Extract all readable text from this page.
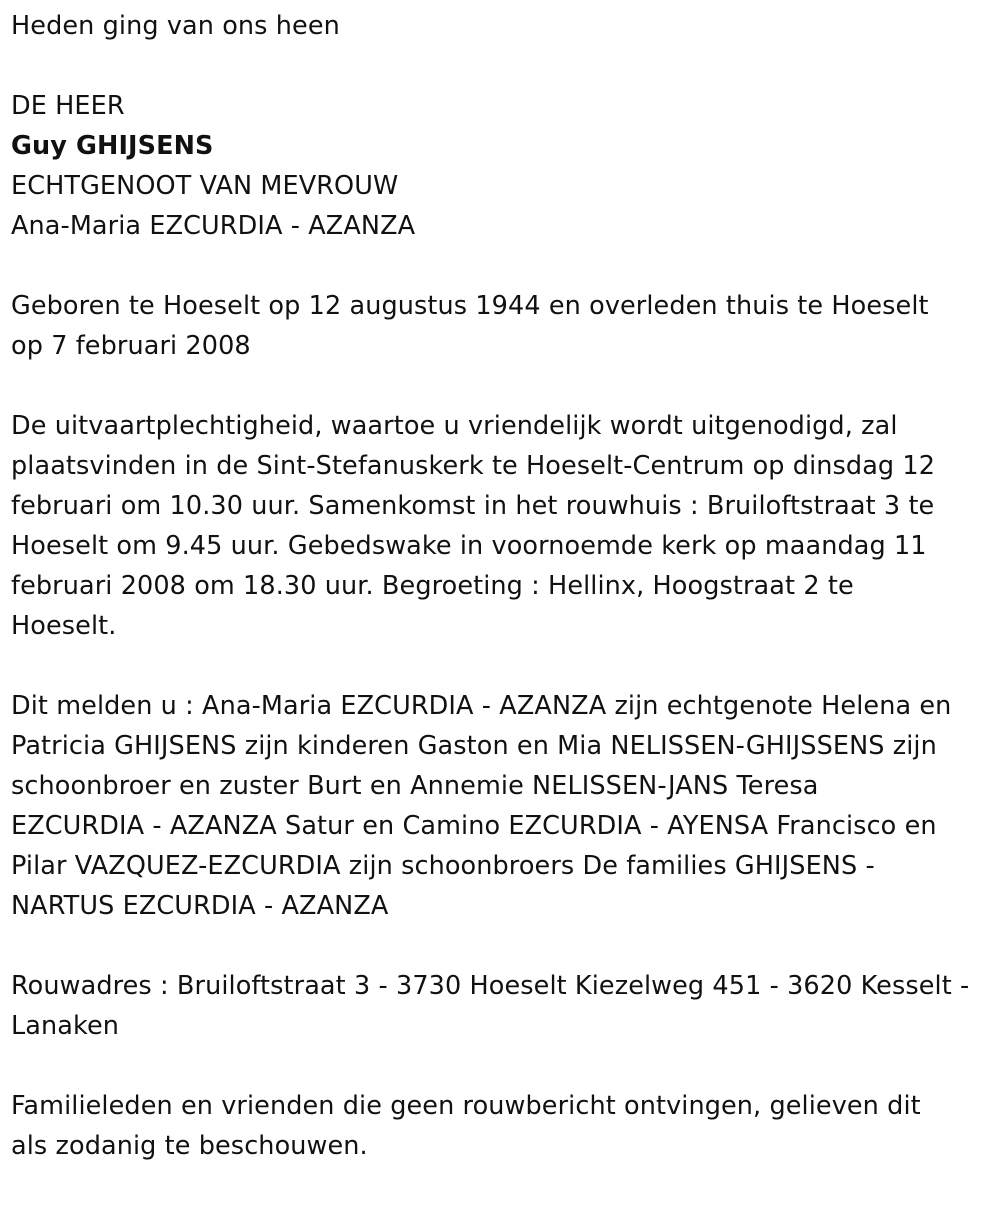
Heden ging van ons heen

DE HEER

Guy GHIJSENS

ECHTGENOOT VAN MEVROUW

Ana-Maria EZCURDIA - AZANZA

Geboren te Hoeselt op 12 augustus 1944 en overleden thuis te Hoeselt

op 7 februari 2008

De uitvaartplechtigheid, waartoe u vriendelijk wordt uitgenodigd, zal

plaatsvinden in de Sint-Stefanuskerk te Hoeselt-Centrum op dinsdag 12

februari om 10.30 uur. Samenkomst in het rouwhuis : Bruiloftstraat 3 te

Hoeselt om 9.45 uur. Gebedswake in voornoemde kerk op maandag 11

februari 2008 om 18.30 uur. Begroeting : Hellinx, Hoogstraat 2 te

Hoeselt.

Dit melden u : Ana-Maria EZCURDIA - AZANZA zijn echtgenote Helena en

Patricia GHIJSENS zijn kinderen Gaston en Mia NELISSEN-GHIJSSENS zijn

schoonbroer en zuster Burt en Annemie NELISSEN-JANS Teresa

EZCURDIA - AZANZA Satur en Camino EZCURDIA - AYENSA Francisco en

Pilar VAZQUEZ-EZCURDIA zijn schoonbroers De families GHIJSENS -

NARTUS EZCURDIA - AZANZA

Rouwadres : Bruiloftstraat 3 - 3730 Hoeselt Kiezelweg 451 - 3620 Kesselt -

Lanaken

Familieleden en vrienden die geen rouwbericht ontvingen, gelieven dit

als zodanig te beschouwen.
